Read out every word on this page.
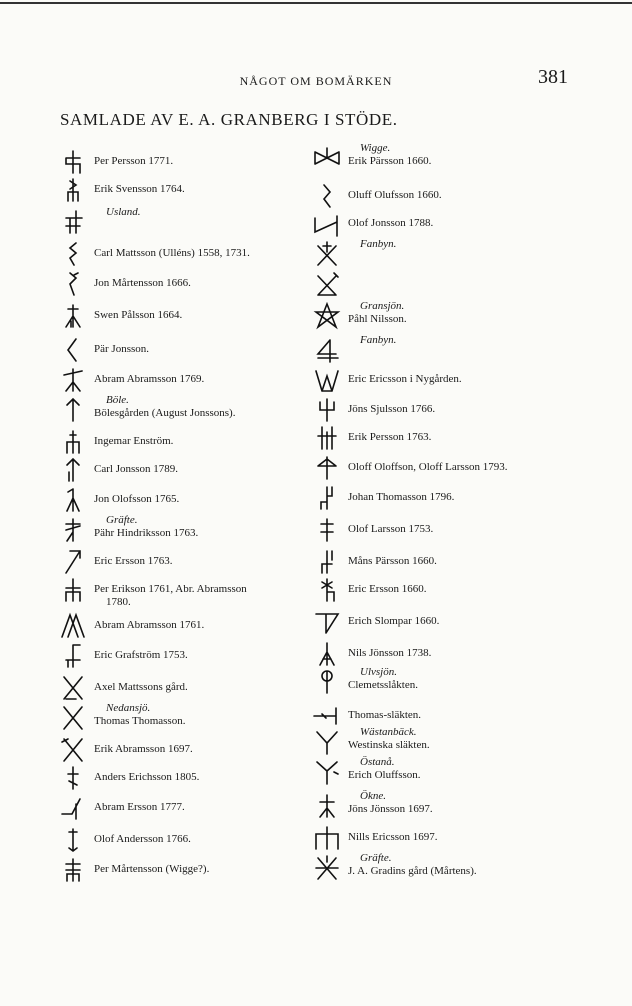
NÅGOT OM BOMÄRKEN	381
SAMLADE AV E. A. GRANBERG I STÖDE.
Per Persson 1771.
Erik Svensson 1764.
Usland.
Carl Mattsson (Ulléns) 1558, 1731.
Jon Mårtensson 1666.
Swen Pålsson 1664.
Pär Jonsson.
Abram Abramsson 1769.
Böle.
Bölesgården (August Jonssons).
Ingemar Enström.
Carl Jonsson 1789.
Jon Olofsson 1765.
Gräfte.
Pähr Hindriksson 1763.
Eric Ersson 1763.
Per Erikson 1761, Abr. Abramsson
1780.
Abram Abramsson 1761.
Eric Grafström 1753.
Axel Mattssons gård.
Nedansjö.
Thomas Thomasson.
Erik Abramsson 1697.
Anders Erichsson 1805.
Abram Ersson 1777.
Olof Andersson 1766.
Per Mårtensson (Wigge?).
Wigge.
Erik Pärsson 1660.
Oluff Olufsson 1660.
Olof Jonsson 1788.
Fanbyn.
Gransjön.
Påhl Nilsson.
Fanbyn.
Eric Ericsson i Nygården.
Jöns Sjulsson 1766.
Erik Persson 1763.
Oloff Oloffson, Oloff Larsson 1793.
Johan Thomasson 1796.
Olof Larsson 1753.
Måns Pärsson 1660.
Eric Ersson 1660.
Erich Slompar 1660.
Nils Jönsson 1738.
Ulvsjön.
Clemetsslåkten.
Thomas-släkten.
Wästanbäck.
Westinska släkten.
Östanå.
Erich Oluffsson.
Ökne.
Jöns Jönsson 1697.
Nills Ericsson 1697.
Gräfte.
J. A. Gradins gård (Mårtens).
